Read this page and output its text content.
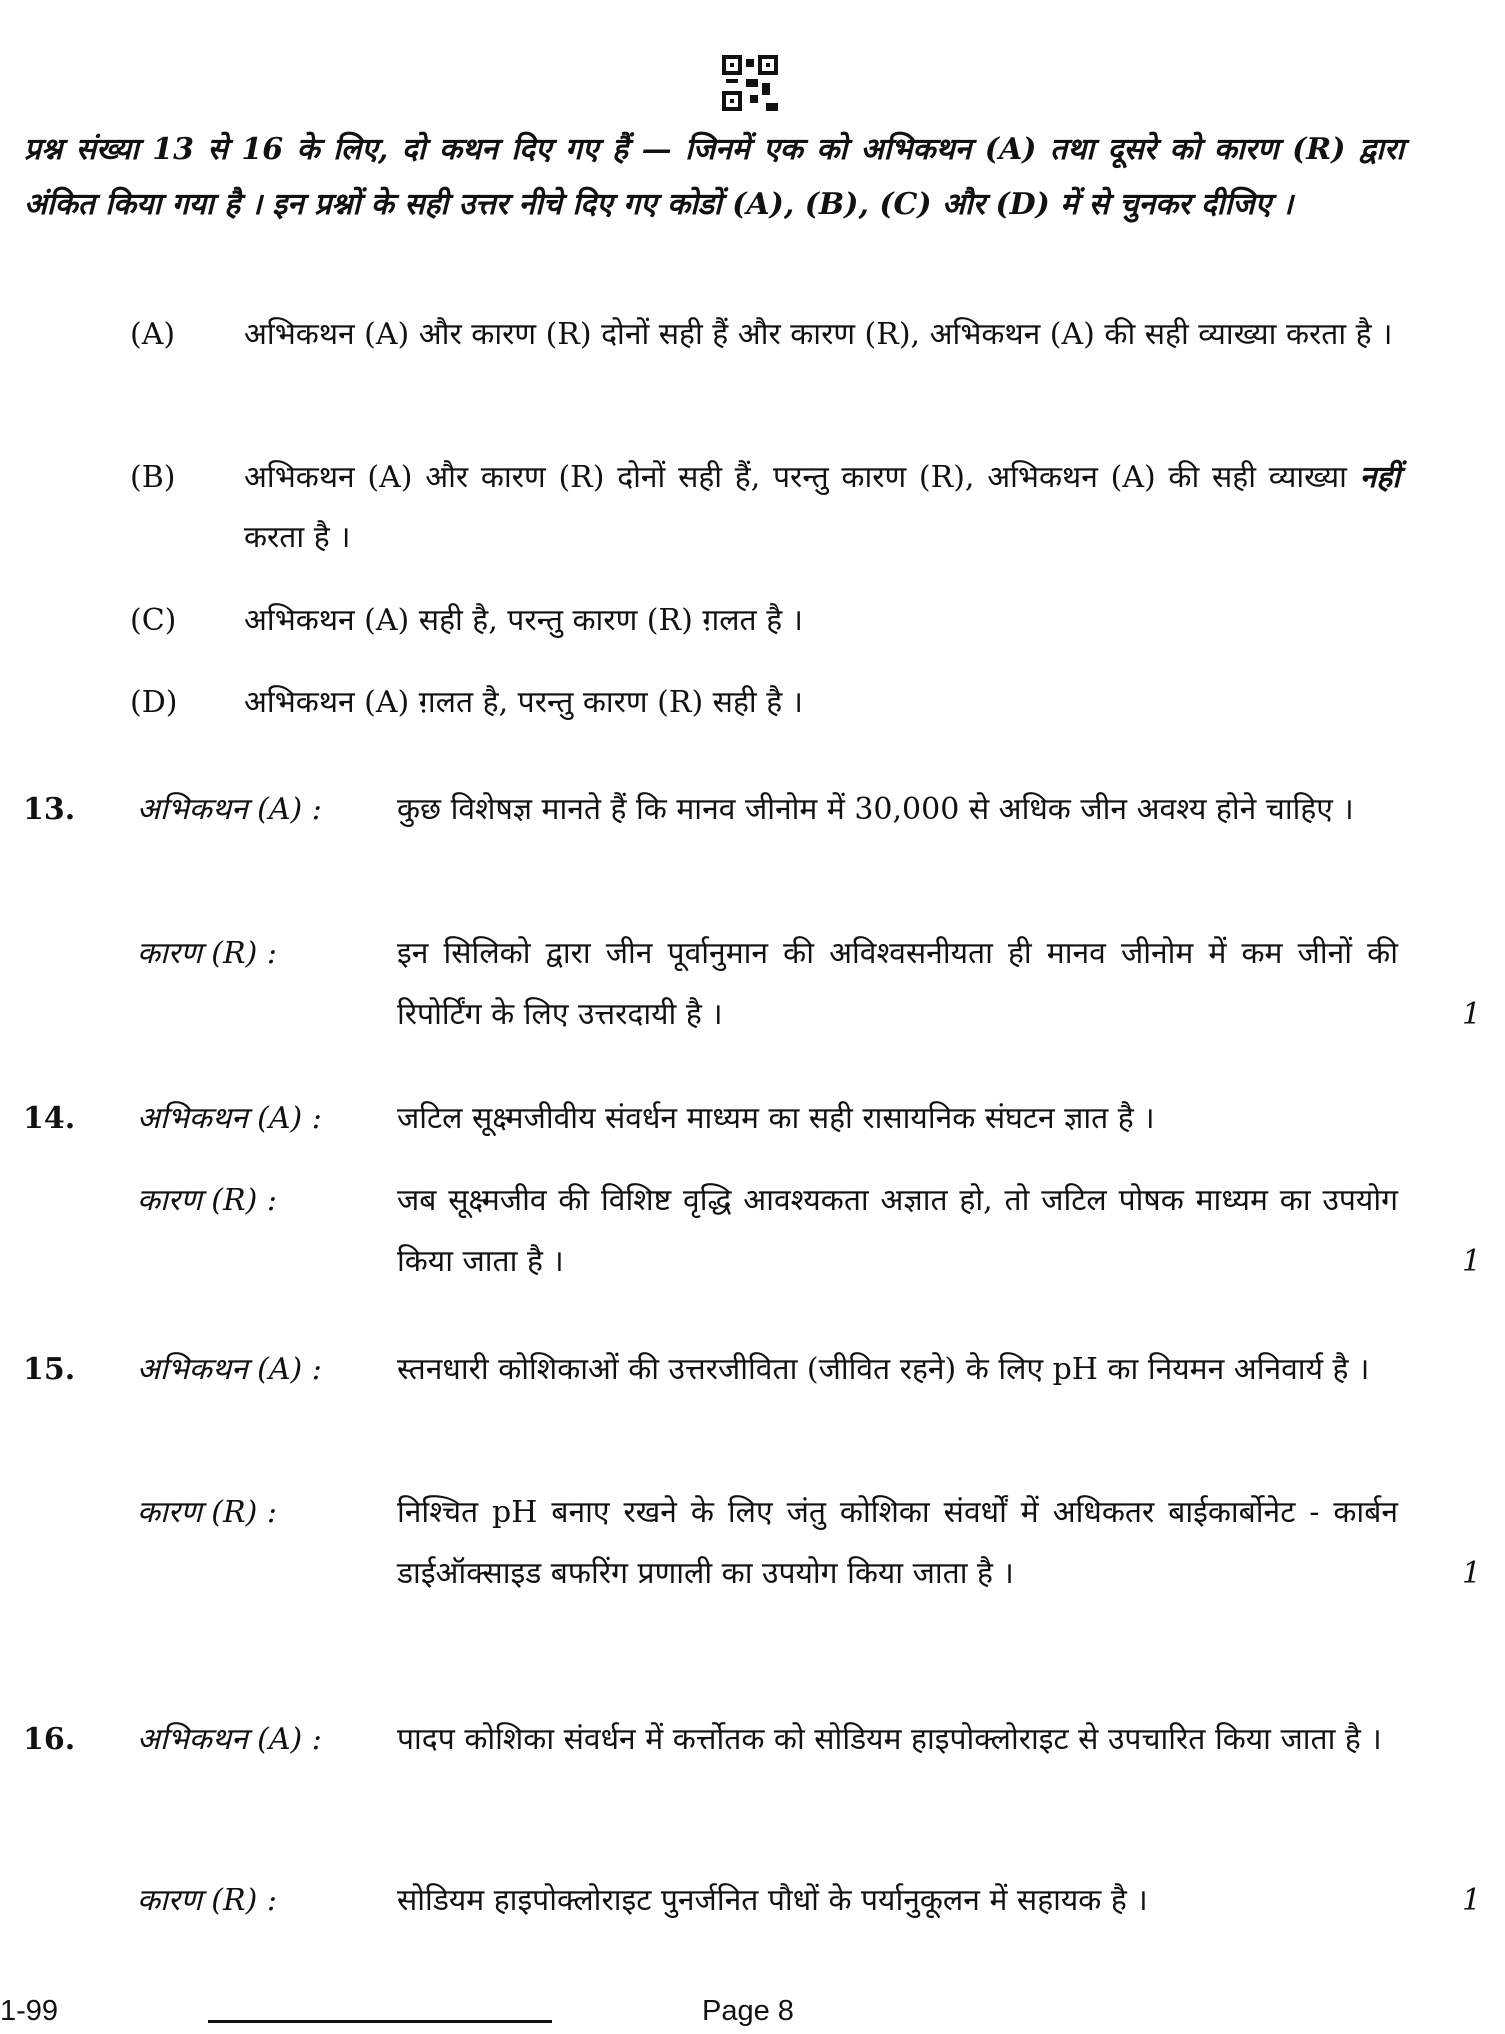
प्रश्न संख्या 13 से 16 के लिए, दो कथन दिए गए हैं — जिनमें एक को अभिकथन (A) तथा दूसरे को कारण (R) द्वारा अंकित किया गया है । इन प्रश्नों के सही उत्तर नीचे दिए गए कोडों (A), (B), (C) और (D) में से चुनकर दीजिए ।
(A) अभिकथन (A) और कारण (R) दोनों सही हैं और कारण (R), अभिकथन (A) की सही व्याख्या करता है ।
(B) अभिकथन (A) और कारण (R) दोनों सही हैं, परन्तु कारण (R), अभिकथन (A) की सही व्याख्या नहीं करता है ।
(C) अभिकथन (A) सही है, परन्तु कारण (R) ग़लत है ।
(D) अभिकथन (A) ग़लत है, परन्तु कारण (R) सही है ।
13. अभिकथन (A) :	कुछ विशेषज्ञ मानते हैं कि मानव जीनोम में 30,000 से अधिक जीन अवश्य होने चाहिए ।
कारण (R) :	इन सिलिको द्वारा जीन पूर्वानुमान की अविश्वसनीयता ही मानव जीनोम में कम जीनों की रिपोर्टिंग के लिए उत्तरदायी है ।	1
14. अभिकथन (A) :	जटिल सूक्ष्मजीवीय संवर्धन माध्यम का सही रासायनिक संघटन ज्ञात है ।
कारण (R) :	जब सूक्ष्मजीव की विशिष्ट वृद्धि आवश्यकता अज्ञात हो, तो जटिल पोषक माध्यम का उपयोग किया जाता है ।	1
15. अभिकथन (A) :	स्तनधारी कोशिकाओं की उत्तरजीविता (जीवित रहने) के लिए pH का नियमन अनिवार्य है ।
कारण (R) :	निश्चित pH बनाए रखने के लिए जंतु कोशिका संवर्धों में अधिकतर बाईकार्बोनेट - कार्बन डाईऑक्साइड बफरिंग प्रणाली का उपयोग किया जाता है ।	1
16. अभिकथन (A) :	पादप कोशिका संवर्धन में कर्त्तोतक को सोडियम हाइपोक्लोराइट से उपचारित किया जाता है ।
कारण (R) :	सोडियम हाइपोक्लोराइट पुनर्जनित पौधों के पर्यानुकूलन में सहायक है ।	1
1-99	Page 8
